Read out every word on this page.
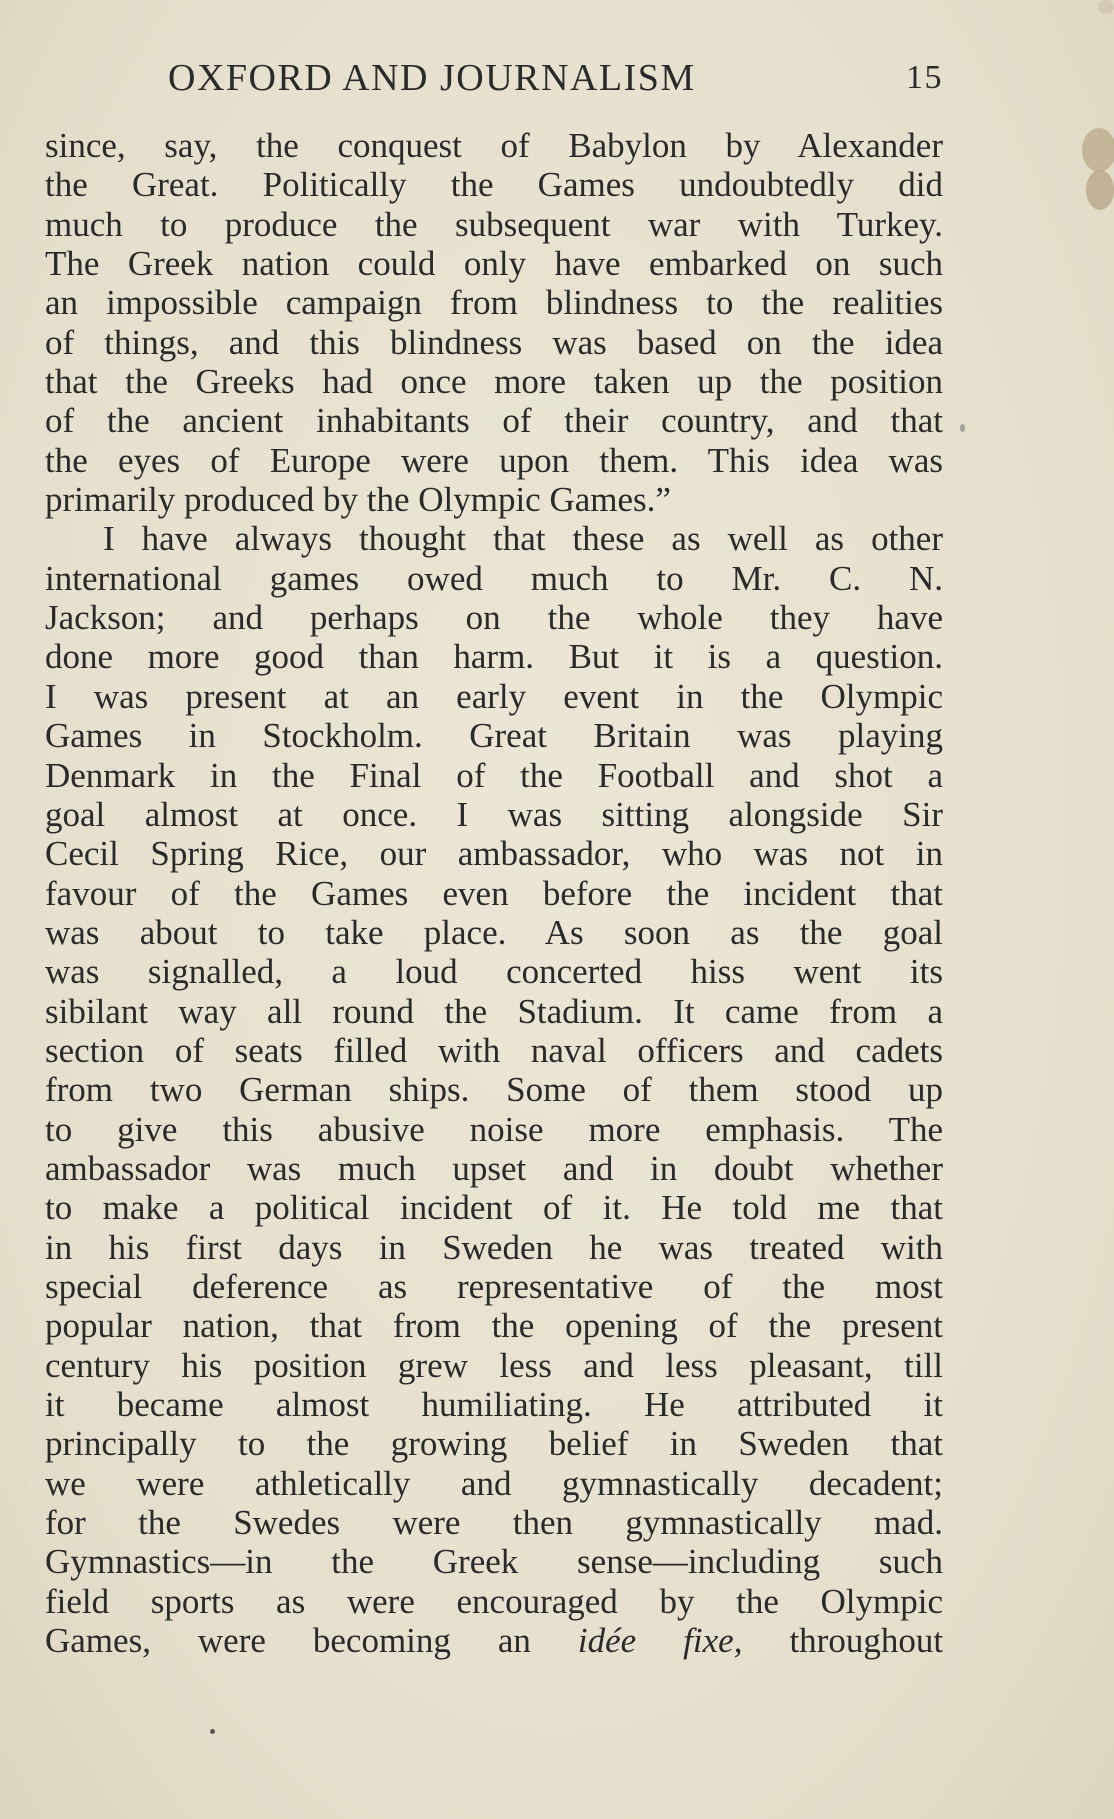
OXFORD AND JOURNALISM	15
since, say, the conquest of Babylon by Alexander
the Great. Politically the Games undoubtedly did
much to produce the subsequent war with Turkey.
The Greek nation could only have embarked on such
an impossible campaign from blindness to the realities
of things, and this blindness was based on the idea
that the Greeks had once more taken up the position
of the ancient inhabitants of their country, and that
the eyes of Europe were upon them. This idea was
primarily produced by the Olympic Games.”
I have always thought that these as well as other
international games owed much to Mr. C. N.
Jackson; and perhaps on the whole they have
done more good than harm. But it is a question.
I was present at an early event in the Olympic
Games in Stockholm. Great Britain was playing
Denmark in the Final of the Football and shot a
goal almost at once. I was sitting alongside Sir
Cecil Spring Rice, our ambassador, who was not in
favour of the Games even before the incident that
was about to take place. As soon as the goal
was signalled, a loud concerted hiss went its
sibilant way all round the Stadium. It came from a
section of seats filled with naval officers and cadets
from two German ships. Some of them stood up
to give this abusive noise more emphasis. The
ambassador was much upset and in doubt whether
to make a political incident of it. He told me that
in his first days in Sweden he was treated with
special deference as representative of the most
popular nation, that from the opening of the present
century his position grew less and less pleasant, till
it became almost humiliating. He attributed it
principally to the growing belief in Sweden that
we were athletically and gymnastically decadent;
for the Swedes were then gymnastically mad.
Gymnastics—in the Greek sense—including such
field sports as were encouraged by the Olympic
Games, were becoming an idée fixe, throughout
